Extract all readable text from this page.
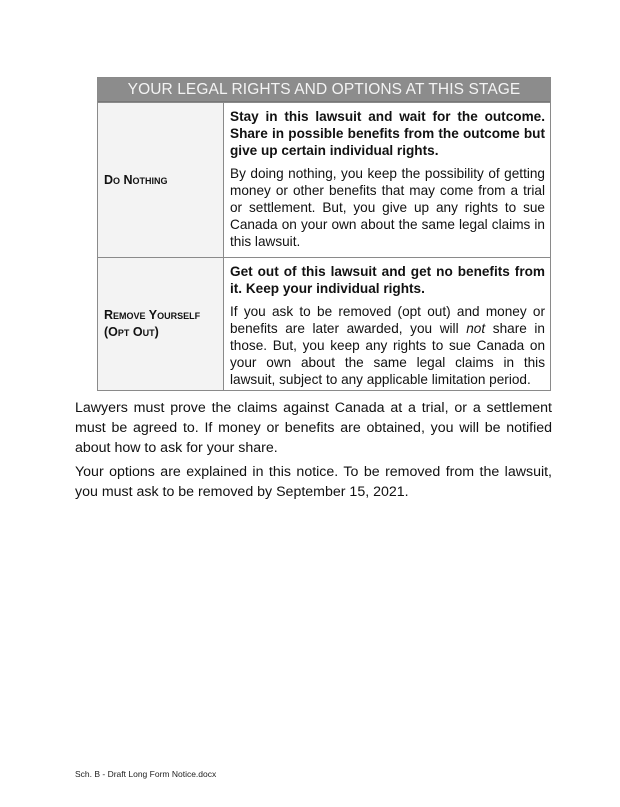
YOUR LEGAL RIGHTS AND OPTIONS AT THIS STAGE
Do Nothing

Stay in this lawsuit and wait for the outcome. Share in possible benefits from the outcome but give up certain individual rights.

By doing nothing, you keep the possibility of getting money or other benefits that may come from a trial or settlement. But, you give up any rights to sue Canada on your own about the same legal claims in this lawsuit.

Remove Yourself (Opt Out)

Get out of this lawsuit and get no benefits from it. Keep your individual rights.

If you ask to be removed (opt out) and money or benefits are later awarded, you will not share in those. But, you keep any rights to sue Canada on your own about the same legal claims in this lawsuit, subject to any applicable limitation period.

Lawyers must prove the claims against Canada at a trial, or a settlement must be agreed to. If money or benefits are obtained, you will be notified about how to ask for your share.

Your options are explained in this notice. To be removed from the lawsuit, you must ask to be removed by September 15, 2021.

Sch. B - Draft Long Form Notice.docx
